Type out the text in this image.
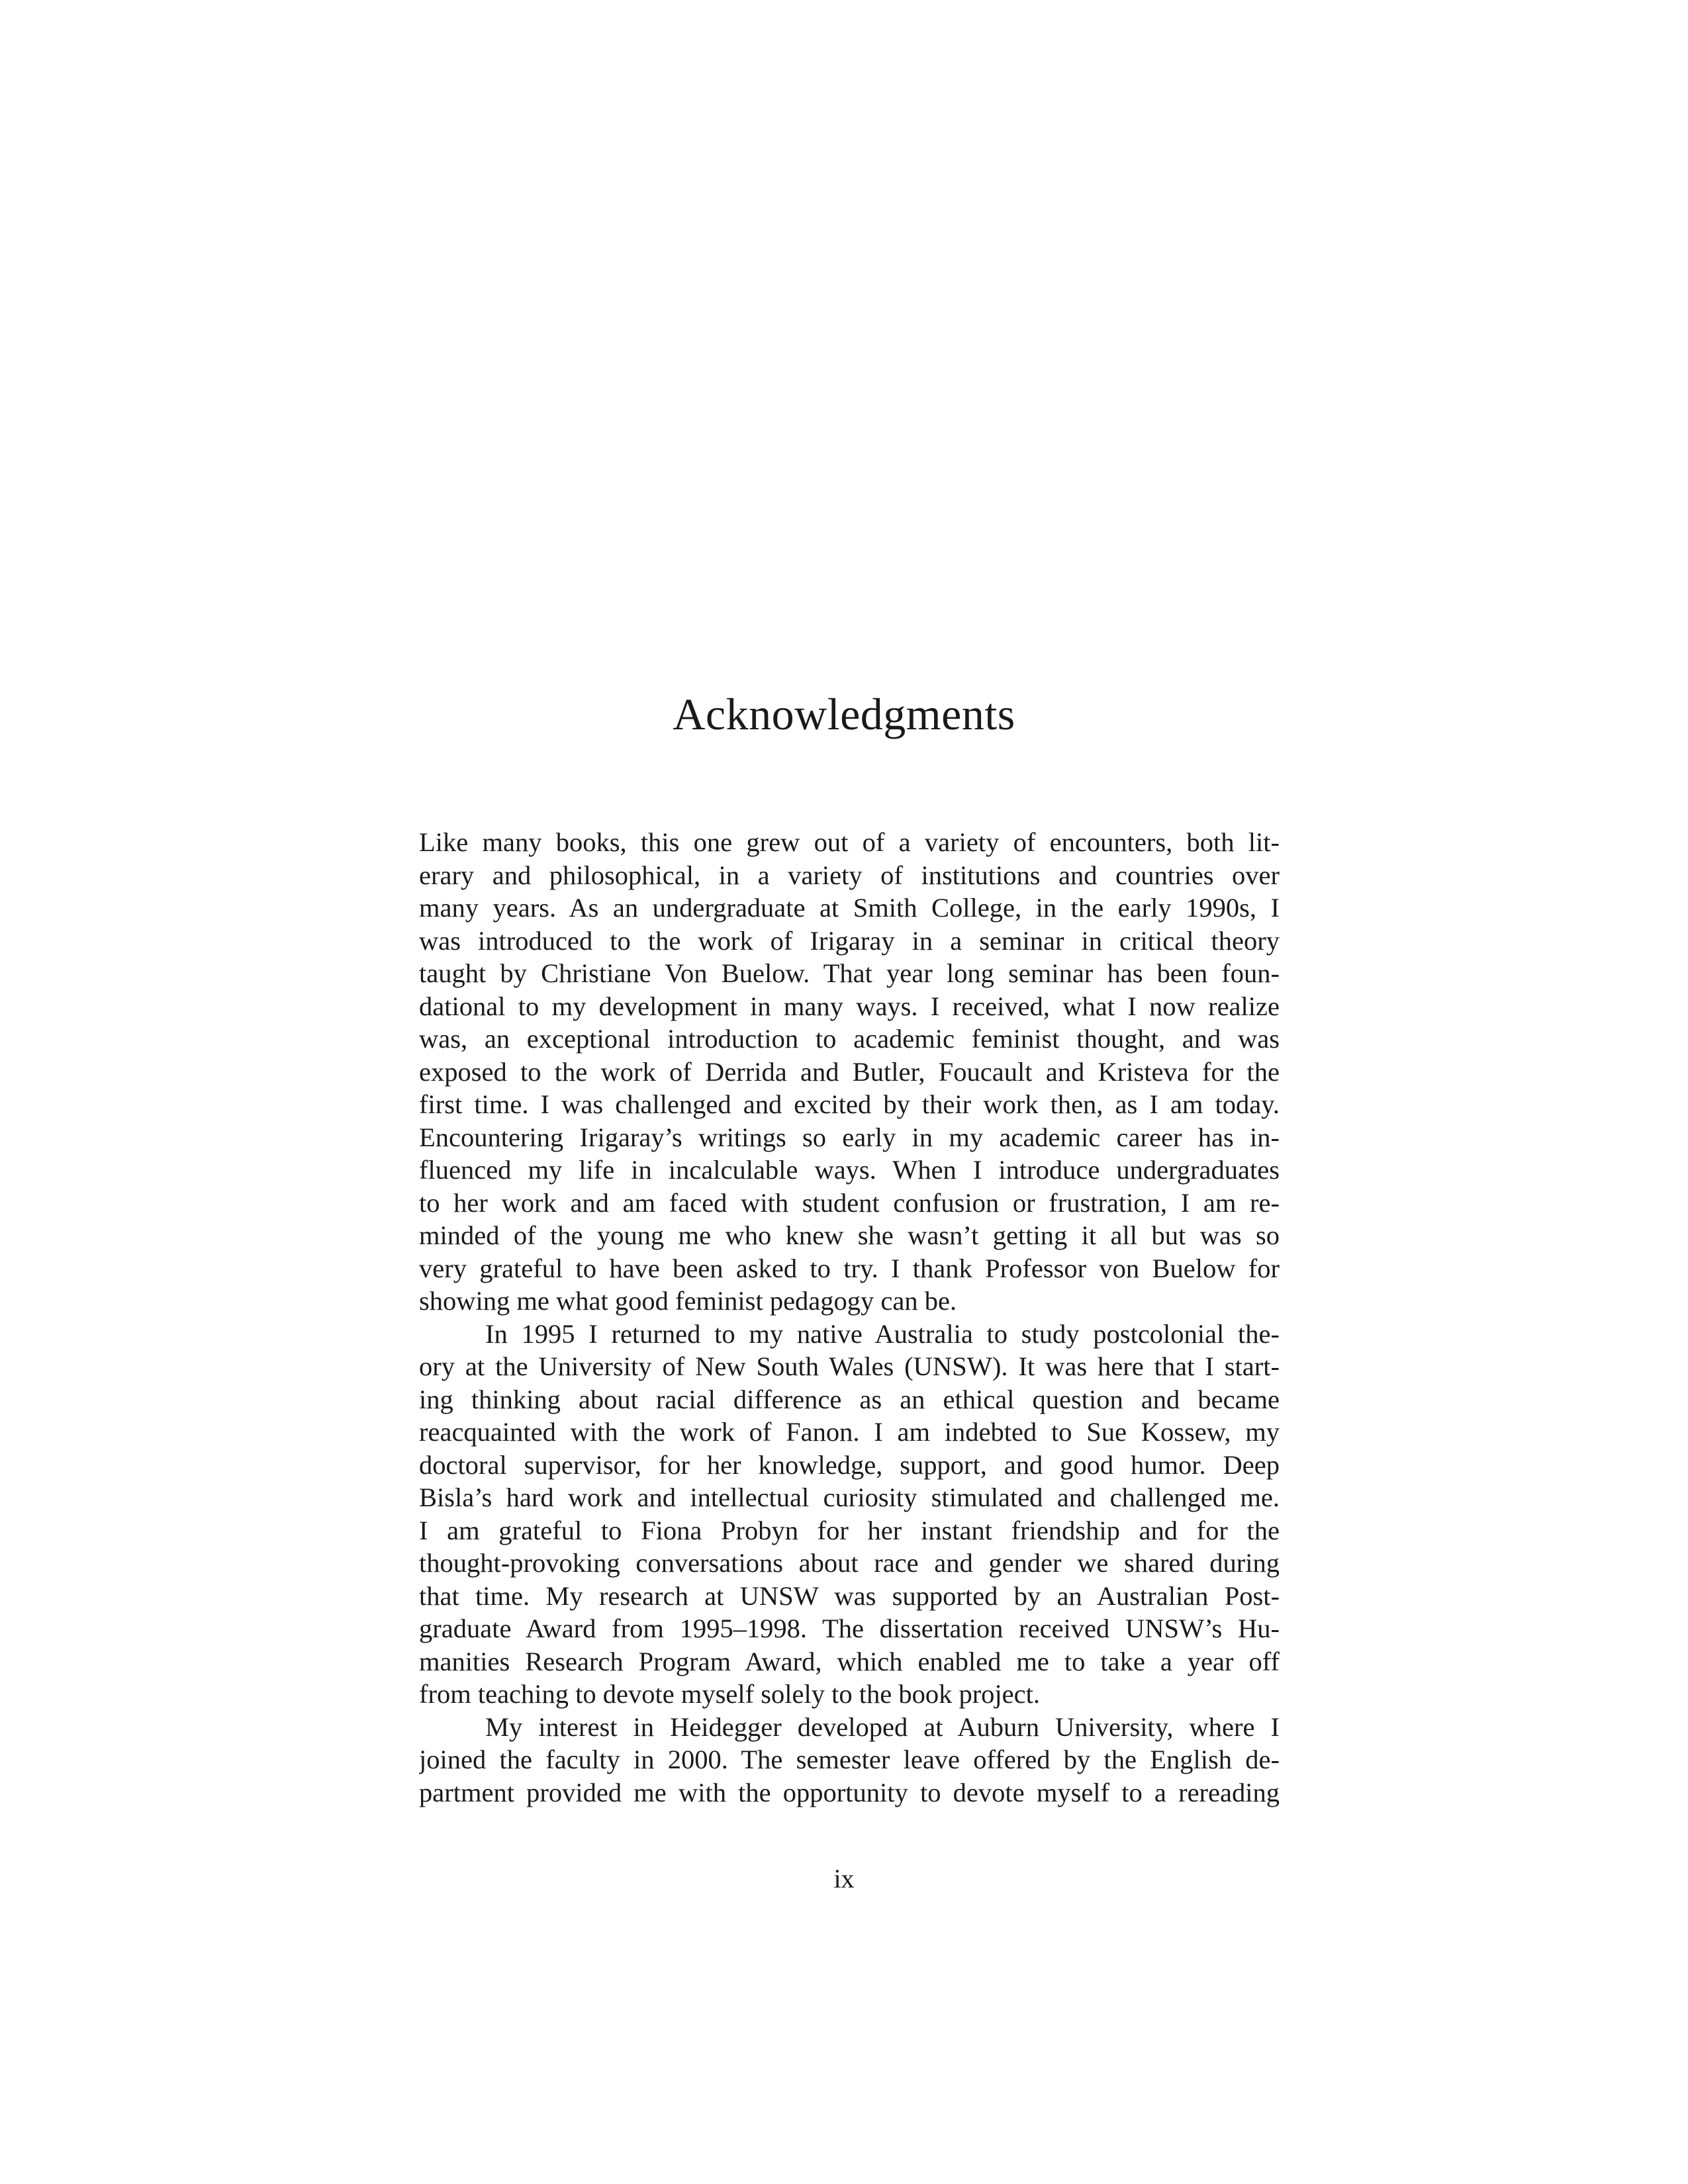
Acknowledgments
Like many books, this one grew out of a variety of encounters, both lit-
erary and philosophical, in a variety of institutions and countries over
many years. As an undergraduate at Smith College, in the early 1990s, I
was introduced to the work of Irigaray in a seminar in critical theory
taught by Christiane Von Buelow. That year long seminar has been foun-
dational to my development in many ways. I received, what I now realize
was, an exceptional introduction to academic feminist thought, and was
exposed to the work of Derrida and Butler, Foucault and Kristeva for the
first time. I was challenged and excited by their work then, as I am today.
Encountering Irigaray’s writings so early in my academic career has in-
fluenced my life in incalculable ways. When I introduce undergraduates
to her work and am faced with student confusion or frustration, I am re-
minded of the young me who knew she wasn’t getting it all but was so
very grateful to have been asked to try. I thank Professor von Buelow for
showing me what good feminist pedagogy can be.
In 1995 I returned to my native Australia to study postcolonial the-
ory at the University of New South Wales (UNSW). It was here that I start-
ing thinking about racial difference as an ethical question and became
reacquainted with the work of Fanon. I am indebted to Sue Kossew, my
doctoral supervisor, for her knowledge, support, and good humor. Deep
Bisla’s hard work and intellectual curiosity stimulated and challenged me.
I am grateful to Fiona Probyn for her instant friendship and for the
thought-provoking conversations about race and gender we shared during
that time. My research at UNSW was supported by an Australian Post-
graduate Award from 1995–1998. The dissertation received UNSW’s Hu-
manities Research Program Award, which enabled me to take a year off
from teaching to devote myself solely to the book project.
My interest in Heidegger developed at Auburn University, where I
joined the faculty in 2000. The semester leave offered by the English de-
partment provided me with the opportunity to devote myself to a rereading
ix
